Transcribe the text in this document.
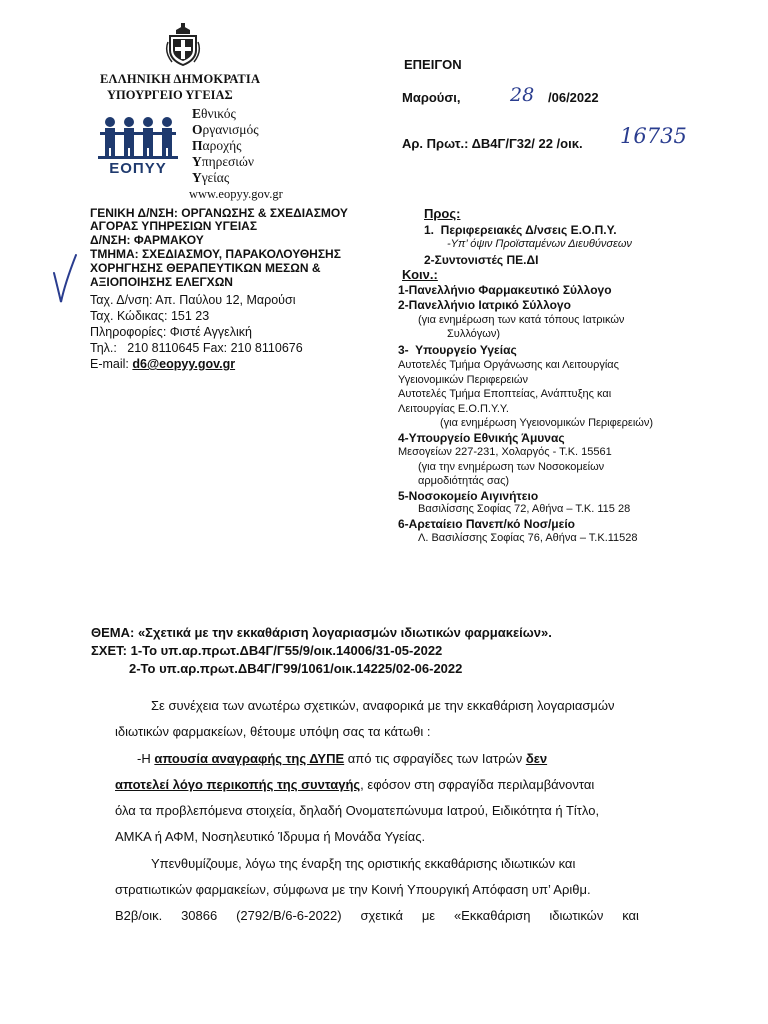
ΕΛΛΗΝΙΚΗ ΔΗΜΟΚΡΑΤΙΑ
ΥΠΟΥΡΓΕΙΟ ΥΓΕΙΑΣ
ΕΟΠΥΥ
Εθνικός
Οργανισμός
Παροχής
Υπηρεσιών
Υγείας
www.eopyy.gov.gr
ΓΕΝΙΚΗ Δ/ΝΣΗ: ΟΡΓΑΝΩΣΗΣ & ΣΧΕΔΙΑΣΜΟΥ
ΑΓΟΡΑΣ ΥΠΗΡΕΣΙΩΝ ΥΓΕΙΑΣ
Δ/ΝΣΗ: ΦΑΡΜΑΚΟΥ
ΤΜΗΜΑ: ΣΧΕΔΙΑΣΜΟΥ, ΠΑΡΑΚΟΛΟΥΘΗΣΗΣ
ΧΟΡΗΓΗΣΗΣ ΘΕΡΑΠΕΥΤΙΚΩΝ ΜΕΣΩΝ &
ΑΞΙΟΠΟΙΗΣΗΣ ΕΛΕΓΧΩΝ
Ταχ. Δ/νση: Απ. Παύλου 12, Μαρούσι
Ταχ. Κώδικας: 151 23
Πληροφορίες: Φιστέ Αγγελική
Τηλ.:   210 8110645 Fax: 210 8110676
E-mail: d6@eopyy.gov.gr
ΕΠΕΙΓΟΝ
Μαρούσι,	28 /06/2022
Αρ. Πρωτ.: ΔΒ4Γ/Γ32/ 22 /οικ. 16735
Προς:
1.  Περιφερειακές Δ/νσεις Ε.Ο.Π.Υ.
-Υπ’ όψιν Προϊσταμένων Διευθύνσεων
2-Συντονιστές ΠΕ.ΔΙ
Κοιν.:
1-Πανελλήνιο Φαρμακευτικό Σύλλογο
2-Πανελλήνιο Ιατρικό Σύλλογο
(για ενημέρωση των κατά τόπους Ιατρικών
Συλλόγων)
3-  Υπουργείο Υγείας
Αυτοτελές Τμήμα Οργάνωσης και Λειτουργίας
Υγειονομικών Περιφερειών
Αυτοτελές Τμήμα Εποπτείας, Ανάπτυξης και
Λειτουργίας Ε.Ο.Π.Υ.Υ.
(για ενημέρωση Υγειονομικών Περιφερειών)
4-Υπουργείο Εθνικής Άμυνας
Μεσογείων 227-231, Χολαργός - Τ.Κ. 15561
(για την ενημέρωση των Νοσοκομείων
αρμοδιότητάς σας)
5-Νοσοκομείο Αιγινήτειο
Βασιλίσσης Σοφίας 72, Αθήνα – Τ.Κ. 115 28
6-Αρεταίειο Πανεπ/κό Νοσ/μείο
Λ. Βασιλίσσης Σοφίας 76, Αθήνα – Τ.Κ.11528
ΘΕΜΑ: «Σχετικά με την εκκαθάριση λογαριασμών ιδιωτικών φαρμακείων».
ΣΧΕΤ: 1-Το υπ.αρ.πρωτ.ΔΒ4Γ/Γ55/9/οικ.14006/31-05-2022
2-Το υπ.αρ.πρωτ.ΔΒ4Γ/Γ99/1061/οικ.14225/02-06-2022
Σε συνέχεια των ανωτέρω σχετικών, αναφορικά με την εκκαθάριση λογαριασμών
ιδιωτικών φαρμακείων, θέτουμε υπόψη σας τα κάτωθι :
-Η απουσία αναγραφής της ΔΥΠΕ από τις σφραγίδες των Ιατρών δεν
αποτελεί λόγο περικοπής της συνταγής, εφόσον στη σφραγίδα περιλαμβάνονται
όλα τα προβλεπόμενα στοιχεία, δηλαδή Ονοματεπώνυμα Ιατρού, Ειδικότητα ή Τίτλο,
ΑΜΚΑ ή ΑΦΜ, Νοσηλευτικό Ίδρυμα ή Μονάδα Υγείας.
Υπενθυμίζουμε, λόγω της έναρξη της οριστικής εκκαθάρισης ιδιωτικών και
στρατιωτικών φαρμακείων, σύμφωνα με την Κοινή Υπουργική Απόφαση υπ’ Αριθμ.
Β2β/οικ. 30866 (2792/Β/6-6-2022) σχετικά με «Εκκαθάριση ιδιωτικών και
